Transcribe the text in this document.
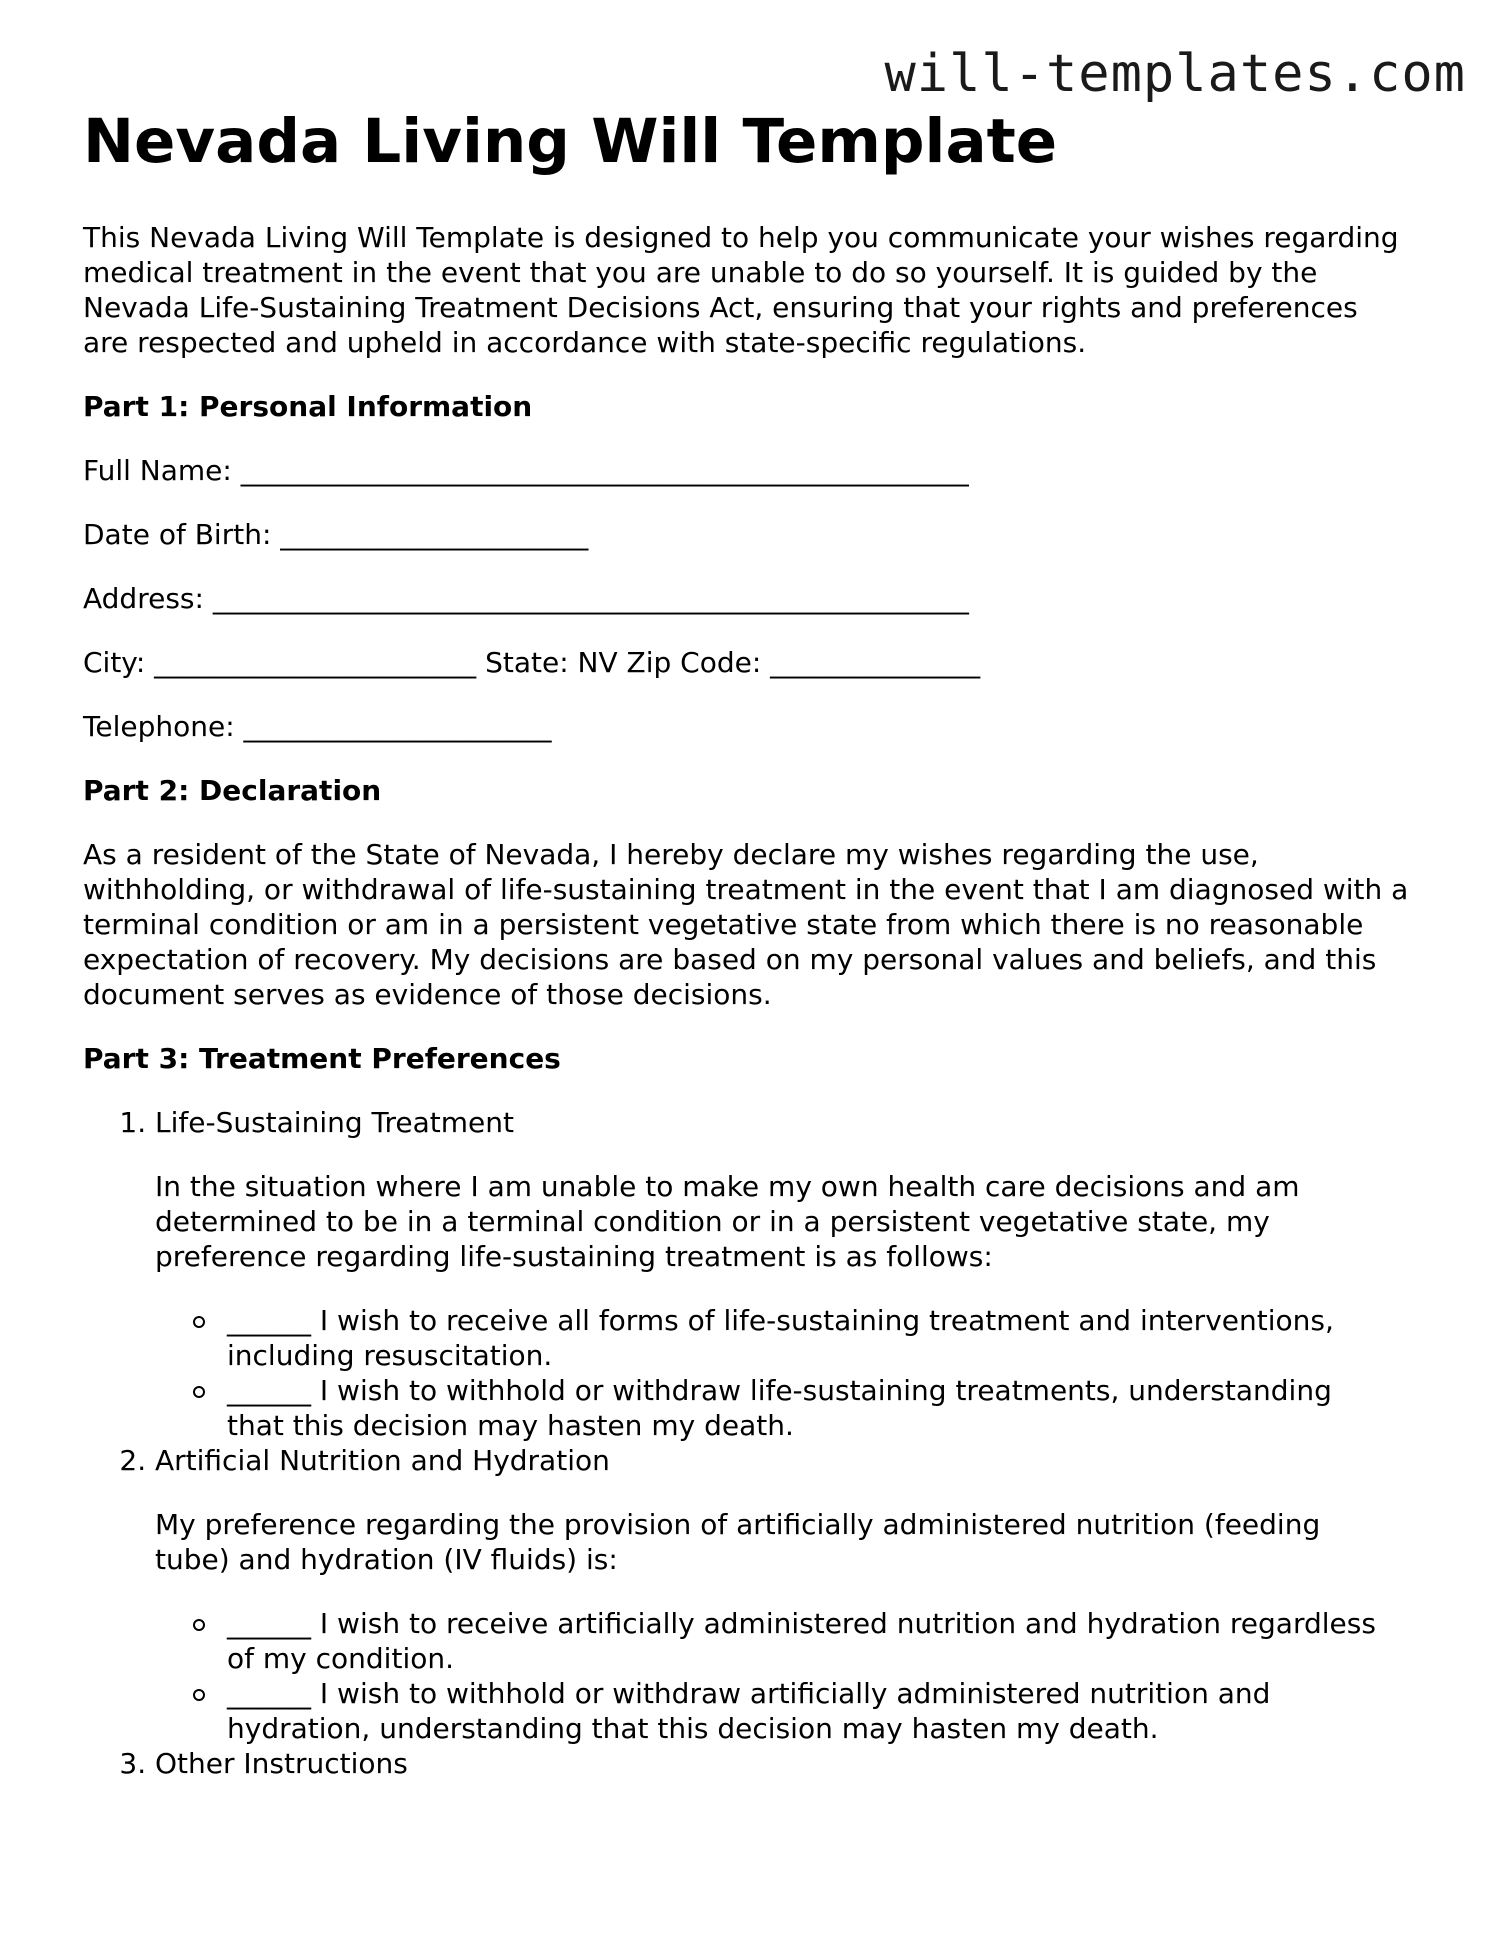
will-templates.com
Nevada Living Will Template

This Nevada Living Will Template is designed to help you communicate your wishes regarding medical treatment in the event that you are unable to do so yourself. It is guided by the Nevada Life-Sustaining Treatment Decisions Act, ensuring that your rights and preferences are respected and upheld in accordance with state-specific regulations.

Part 1: Personal Information
Full Name: ____________________________________________________
Date of Birth: ______________________
Address: ______________________________________________________
City: _______________________ State: NV Zip Code: _______________
Telephone: ______________________
Part 2: Declaration

As a resident of the State of Nevada, I hereby declare my wishes regarding the use, withholding, or withdrawal of life-sustaining treatment in the event that I am diagnosed with a terminal condition or am in a persistent vegetative state from which there is no reasonable expectation of recovery. My decisions are based on my personal values and beliefs, and this document serves as evidence of those decisions.

Part 3: Treatment Preferences
1. Life-Sustaining Treatment

In the situation where I am unable to make my own health care decisions and am determined to be in a terminal condition or in a persistent vegetative state, my preference regarding life-sustaining treatment is as follows:

______ I wish to receive all forms of life-sustaining treatment and interventions, including resuscitation.
______ I wish to withhold or withdraw life-sustaining treatments, understanding that this decision may hasten my death.
2. Artificial Nutrition and Hydration

My preference regarding the provision of artificially administered nutrition (feeding tube) and hydration (IV fluids) is:

______ I wish to receive artificially administered nutrition and hydration regardless of my condition.
______ I wish to withhold or withdraw artificially administered nutrition and hydration, understanding that this decision may hasten my death.
3. Other Instructions
